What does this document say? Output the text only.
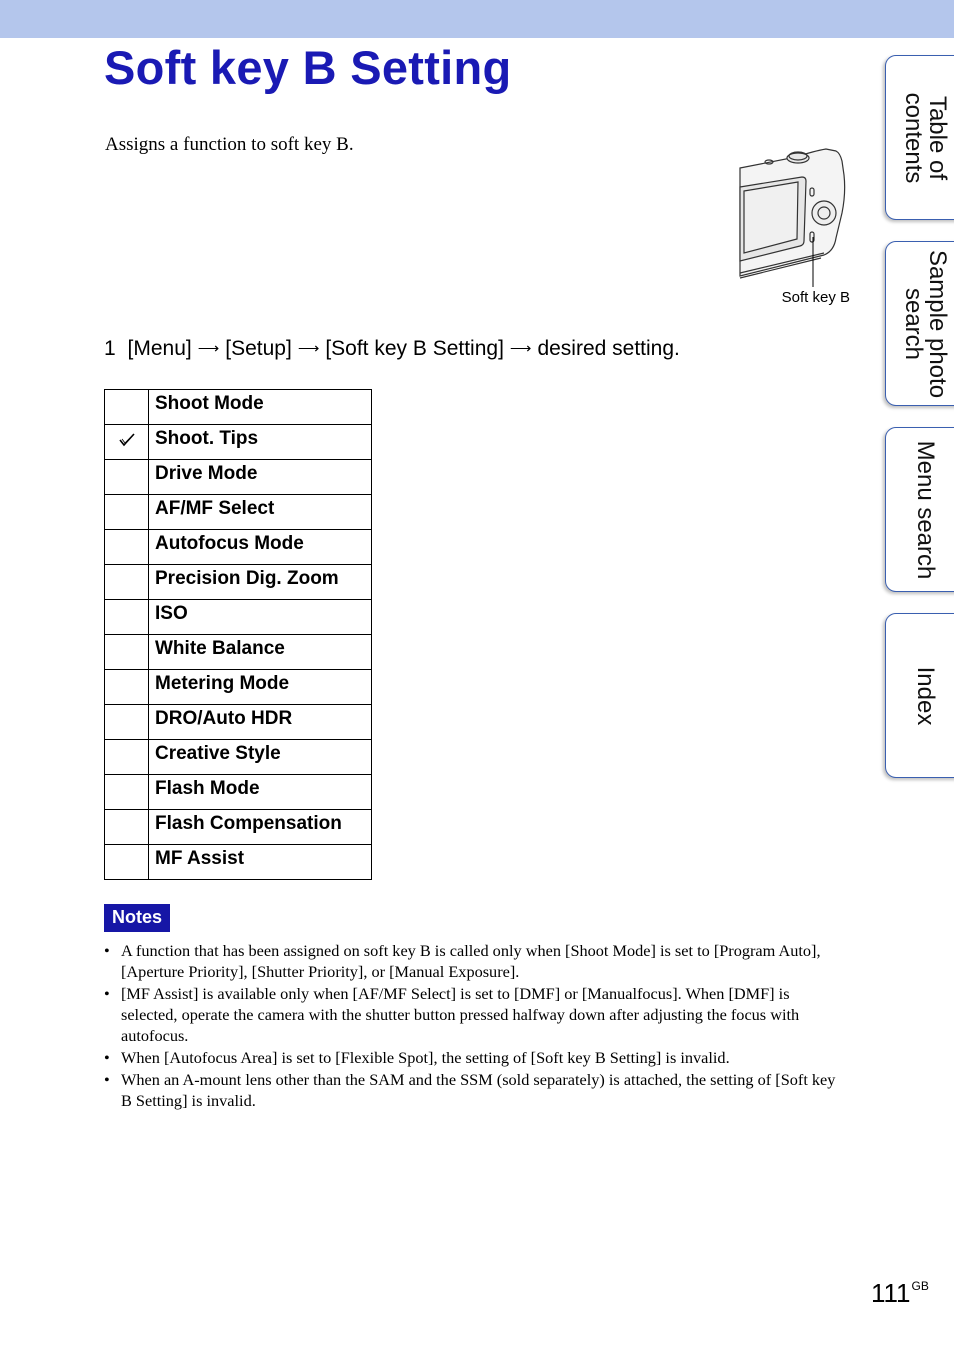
Soft key B Setting
Assigns a function to soft key B.
Soft key B
1 [Menu] ⟶ [Setup] ⟶ [Soft key B Setting] ⟶ desired setting.
	Shoot Mode
	Shoot. Tips
	Drive Mode
	AF/MF Select
	Autofocus Mode
	Precision Dig. Zoom
	ISO
	White Balance
	Metering Mode
	DRO/Auto HDR
	Creative Style
	Flash Mode
	Flash Compensation
	MF Assist
Notes
• A function that has been assigned on soft key B is called only when [Shoot Mode] is set to [Program Auto], [Aperture Priority], [Shutter Priority], or [Manual Exposure].
• [MF Assist] is available only when [AF/MF Select] is set to [DMF] or [Manualfocus]. When [DMF] is selected, operate the camera with the shutter button pressed halfway down after adjusting the focus with autofocus.
• When [Autofocus Area] is set to [Flexible Spot], the setting of [Soft key B Setting] is invalid.
• When an A-mount lens other than the SAM and the SSM (sold separately) is attached, the setting of [Soft key B Setting] is invalid.
Table of
contents
Sample photo
search
Menu search
Index
$111^{GB}$
